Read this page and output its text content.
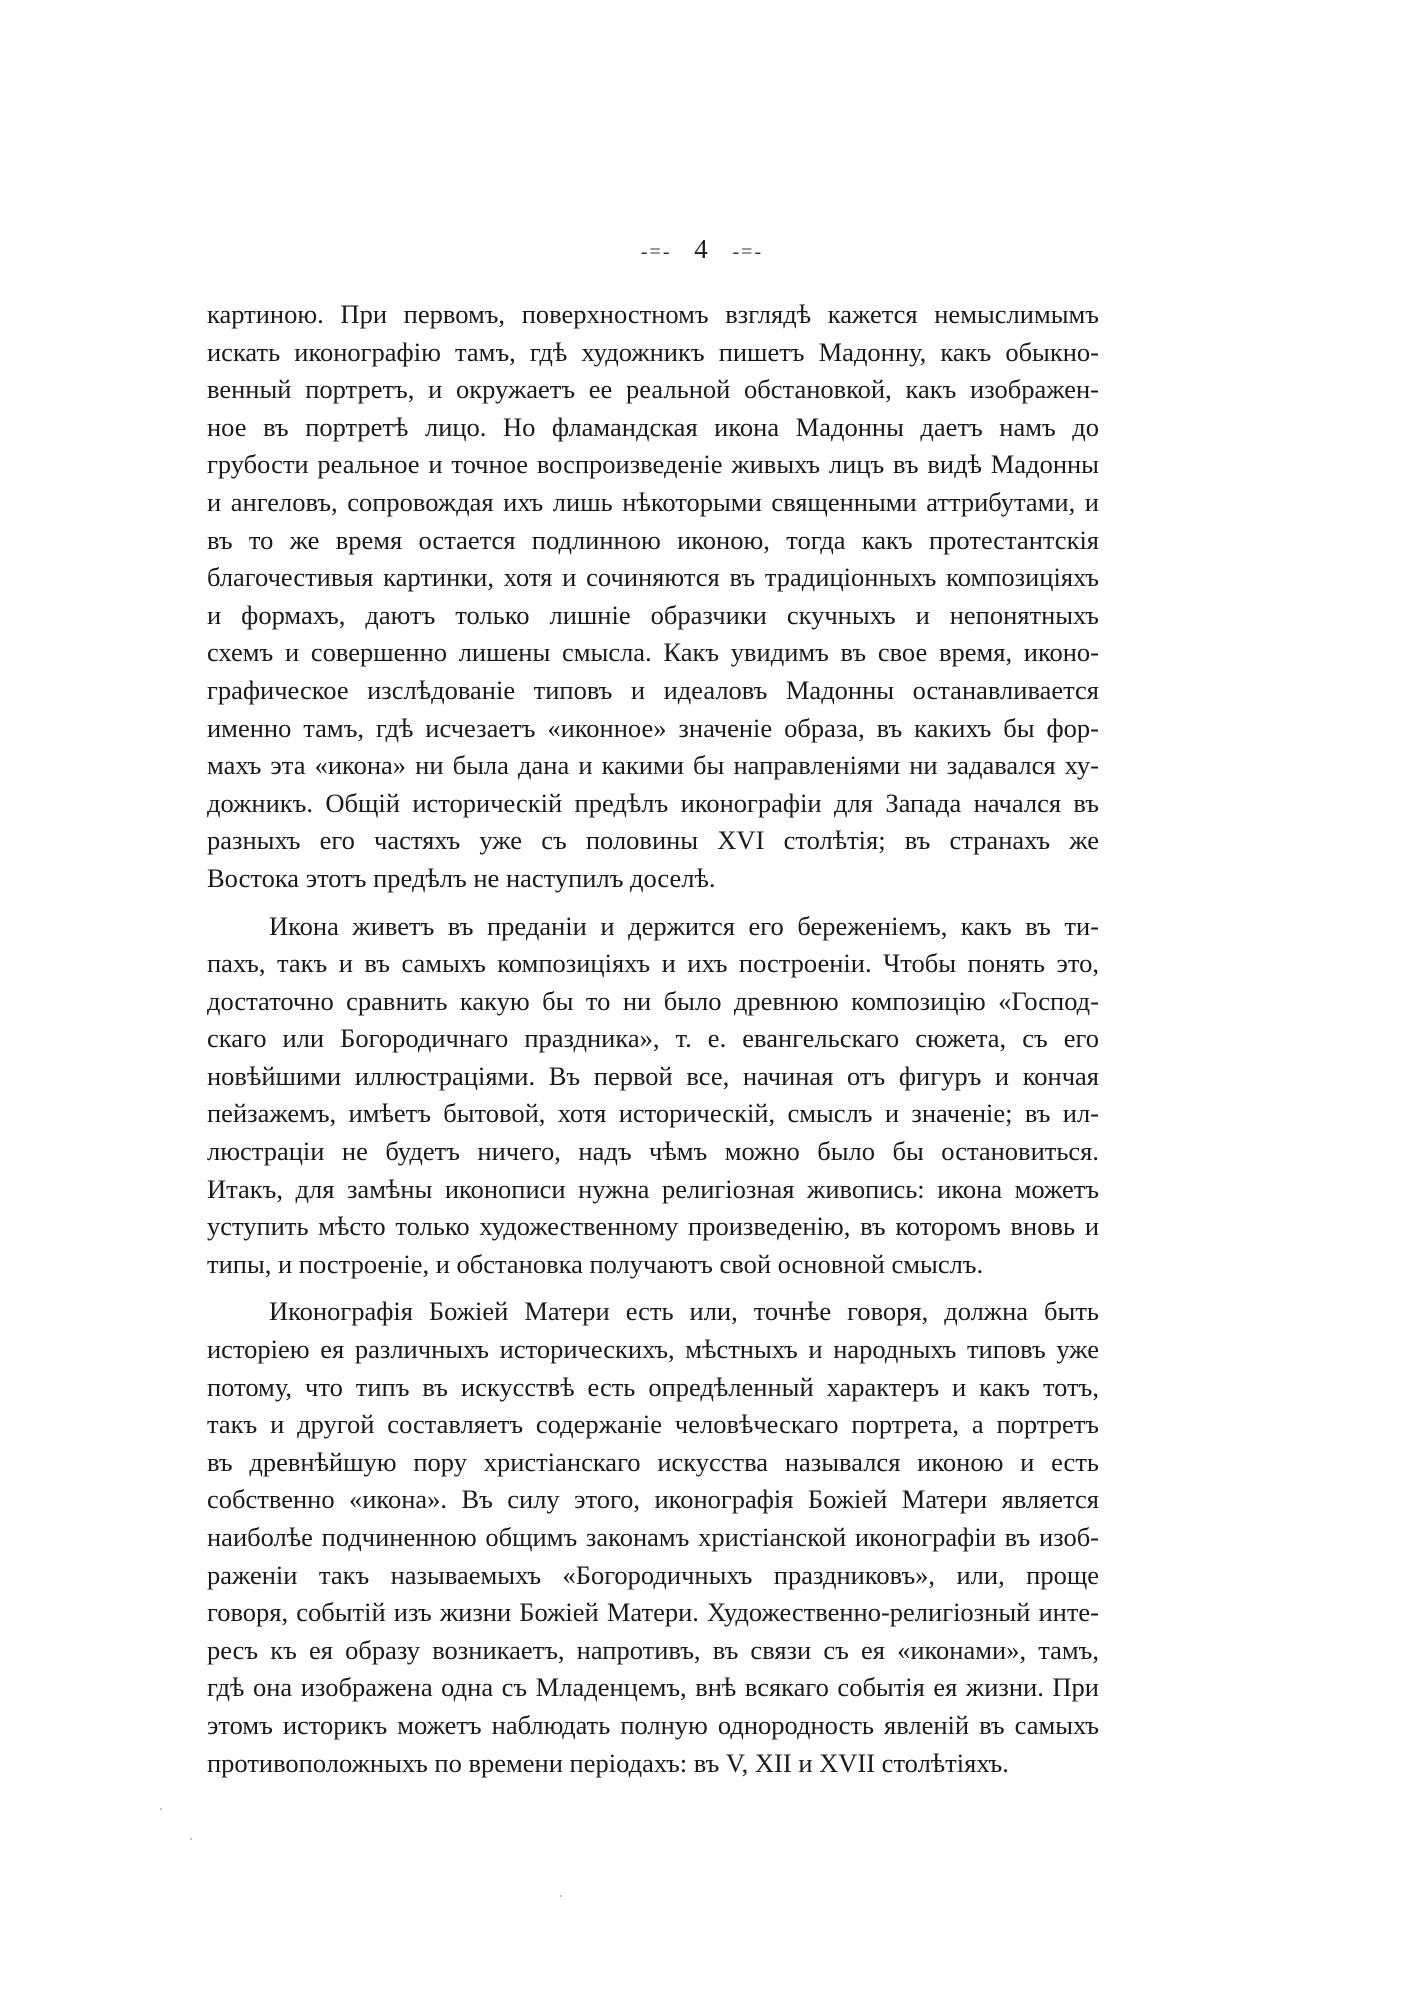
-=- 4 -=-
картиною. При первомъ, поверхностномъ взглядѣ кажется немыслимымъ
искать иконографію тамъ, гдѣ художникъ пишетъ Мадонну, какъ обыкно-
венный портретъ, и окружаетъ ее реальной обстановкой, какъ изображен-
ное въ портретѣ лицо. Но фламандская икона Мадонны даетъ намъ до
грубости реальное и точное воспроизведеніе живыхъ лицъ въ видѣ Мадонны
и ангеловъ, сопровождая ихъ лишь нѣкоторыми священными аттрибутами, и
въ то же время остается подлинною иконою, тогда какъ протестантскія
благочестивыя картинки, хотя и сочиняются въ традиціонныхъ композиціяхъ
и формахъ, даютъ только лишніе образчики скучныхъ и непонятныхъ
схемъ и совершенно лишены смысла. Какъ увидимъ въ свое время, иконо-
графическое изслѣдованіе типовъ и идеаловъ Мадонны останавливается
именно тамъ, гдѣ исчезаетъ «иконное» значеніе образа, въ какихъ бы фор-
махъ эта «икона» ни была дана и какими бы направленіями ни задавался ху-
дожникъ. Общій историческій предѣлъ иконографіи для Запада начался въ
разныхъ его частяхъ уже съ половины XVI столѣтія; въ странахъ же
Востока этотъ предѣлъ не наступилъ доселѣ.
Икона живетъ въ преданіи и держится его береженіемъ, какъ въ ти-
пахъ, такъ и въ самыхъ композиціяхъ и ихъ построеніи. Чтобы понять это,
достаточно сравнить какую бы то ни было древнюю композицію «Господ-
скаго или Богородичнаго праздника», т. е. евангельскаго сюжета, съ его
новѣйшими иллюстраціями. Въ первой все, начиная отъ фигуръ и кончая
пейзажемъ, имѣетъ бытовой, хотя историческій, смыслъ и значеніе; въ ил-
люстраціи не будетъ ничего, надъ чѣмъ можно было бы остановиться.
Итакъ, для замѣны иконописи нужна религіозная живопись: икона можетъ
уступить мѣсто только художественному произведенію, въ которомъ вновь и
типы, и построеніе, и обстановка получаютъ свой основной смыслъ.
Иконографія Божіей Матери есть или, точнѣе говоря, должна быть
исторіею ея различныхъ историческихъ, мѣстныхъ и народныхъ типовъ уже
потому, что типъ въ искусствѣ есть опредѣленный характеръ и какъ тотъ,
такъ и другой составляетъ содержаніе человѣческаго портрета, а портретъ
въ древнѣйшую пору христіанскаго искусства назывался иконою и есть
собственно «икона». Въ силу этого, иконографія Божіей Матери является
наиболѣе подчиненною общимъ законамъ христіанской иконографіи въ изоб-
раженіи такъ называемыхъ «Богородичныхъ праздниковъ», или, проще
говоря, событій изъ жизни Божіей Матери. Художественно-религіозный инте-
ресъ къ ея образу возникаетъ, напротивъ, въ связи съ ея «иконами», тамъ,
гдѣ она изображена одна съ Младенцемъ, внѣ всякаго событія ея жизни. При
этомъ историкъ можетъ наблюдать полную однородность явленій въ самыхъ
противоположныхъ по времени періодахъ: въ V, XII и XVII столѣтіяхъ.
